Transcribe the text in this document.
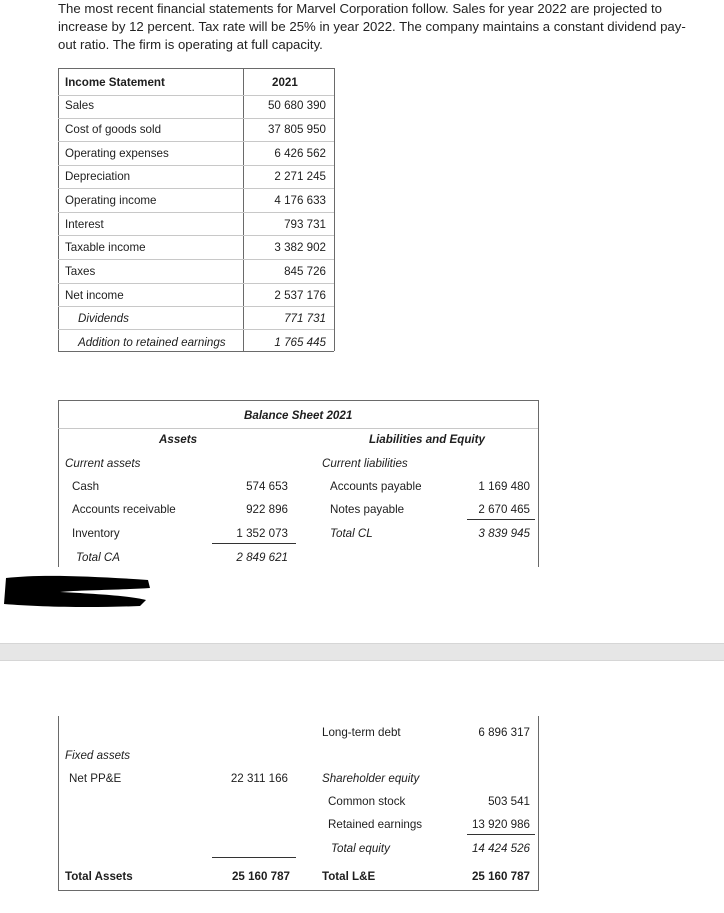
The most recent financial statements for Marvel Corporation follow. Sales for year 2022 are projected to increase by 12 percent. Tax rate will be 25% in year 2022. The company maintains a constant dividend pay-out ratio. The firm is operating at full capacity.
Income Statement	2021
Sales	50 680 390
Cost of goods sold	37 805 950
Operating expenses	6 426 562
Depreciation	2 271 245
Operating income	4 176 633
Interest	793 731
Taxable income	3 382 902
Taxes	845 726
Net income	2 537 176
Dividends	771 731
Addition to retained earnings	1 765 445
Balance Sheet 2021
Assets	Liabilities and Equity
Current assets	Current liabilities
Cash	574 653	Accounts payable	1 169 480
Accounts receivable	922 896	Notes payable	2 670 465
Inventory	1 352 073	Total CL	3 839 945
Total CA	2 849 621
Long-term debt	6 896 317
Fixed assets
Net PP&E	22 311 166	Shareholder equity
Common stock	503 541
Retained earnings	13 920 986
Total equity	14 424 526
Total Assets	25 160 787	Total L&E	25 160 787
